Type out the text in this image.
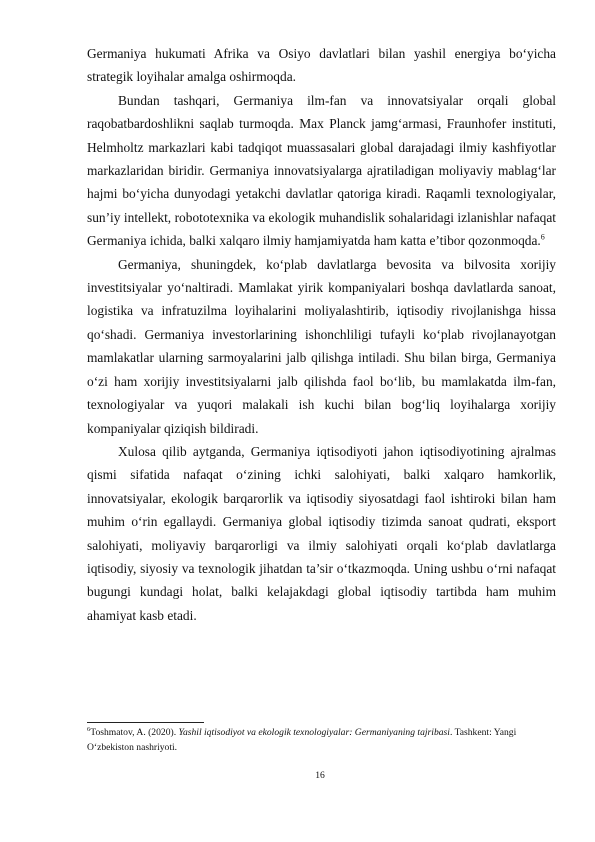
Germaniya hukumati Afrika va Osiyo davlatlari bilan yashil energiya bo‘yicha strategik loyihalar amalga oshirmoqda.

Bundan tashqari, Germaniya ilm-fan va innovatsiyalar orqali global raqobatbardoshlikni saqlab turmoqda. Max Planck jamg‘armasi, Fraunhofer instituti, Helmholtz markazlari kabi tadqiqot muassasalari global darajadagi ilmiy kashfiyotlar markazlaridan biridir. Germaniya innovatsiyalarga ajratiladigan moliyaviy mablag‘lar hajmi bo‘yicha dunyodagi yetakchi davlatlar qatoriga kiradi. Raqamli texnologiyalar, sun’iy intellekt, robototexnika va ekologik muhandislik sohalaridagi izlanishlar nafaqat Germaniya ichida, balki xalqaro ilmiy hamjamiyatda ham katta e’tibor qozonmoqda.$^6$

Germaniya, shuningdek, ko‘plab davlatlarga bevosita va bilvosita xorijiy investitsiyalar yo‘naltiradi. Mamlakat yirik kompaniyalari boshqa davlatlarda sanoat, logistika va infratuzilma loyihalarini moliyalashtirib, iqtisodiy rivojlanishga hissa qo‘shadi. Germaniya investorlarining ishonchliligi tufayli ko‘plab rivojlanayotgan mamlakatlar ularning sarmoyalarini jalb qilishga intiladi. Shu bilan birga, Germaniya o‘zi ham xorijiy investitsiyalarni jalb qilishda faol bo‘lib, bu mamlakatda ilm-fan, texnologiyalar va yuqori malakali ish kuchi bilan bog‘liq loyihalarga xorijiy kompaniyalar qiziqish bildiradi.

Xulosa qilib aytganda, Germaniya iqtisodiyoti jahon iqtisodiyotining ajralmas qismi sifatida nafaqat o‘zining ichki salohiyati, balki xalqaro hamkorlik, innovatsiyalar, ekologik barqarorlik va iqtisodiy siyosatdagi faol ishtiroki bilan ham muhim o‘rin egallaydi. Germaniya global iqtisodiy tizimda sanoat qudrati, eksport salohiyati, moliyaviy barqarorligi va ilmiy salohiyati orqali ko‘plab davlatlarga iqtisodiy, siyosiy va texnologik jihatdan ta’sir o‘tkazmoqda. Uning ushbu o‘rni nafaqat bugungi kundagi holat, balki kelajakdagi global iqtisodiy tartibda ham muhim ahamiyat kasb etadi.

$^6$Toshmatov, A. (2020). Yashil iqtisodiyot va ekologik texnologiyalar: Germaniyaning tajribasi. Tashkent: Yangi O‘zbekiston nashriyoti.
16
